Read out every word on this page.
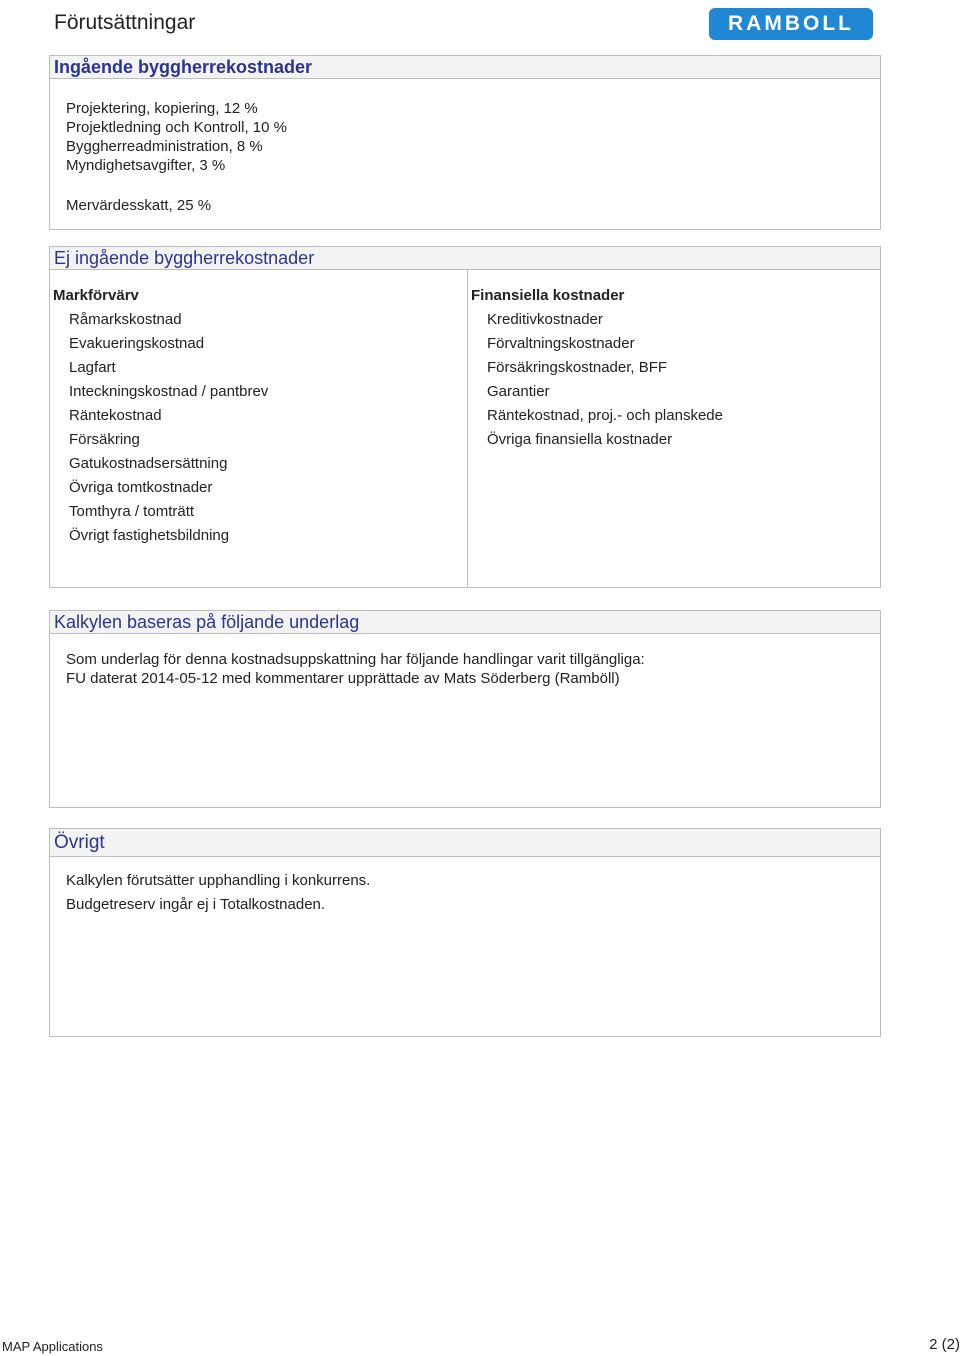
Förutsättningar	RAMBOLL
Ingående byggherrekostnader
Projektering, kopiering, 12 %
Projektledning och Kontroll, 10 %
Byggherreadministration, 8 %
Myndighetsavgifter, 3 %
Mervärdesskatt, 25 %
Ej ingående byggherrekostnader
Markförvärv
Råmarkskostnad
Evakueringskostnad
Lagfart
Inteckningskostnad / pantbrev
Räntekostnad
Försäkring
Gatukostnadsersättning
Övriga tomtkostnader
Tomthyra / tomträtt
Övrigt fastighetsbildning
Finansiella kostnader
Kreditivkostnader
Förvaltningskostnader
Försäkringskostnader, BFF
Garantier
Räntekostnad, proj.- och planskede
Övriga finansiella kostnader
Kalkylen baseras på följande underlag
Som underlag för denna kostnadsuppskattning har följande handlingar varit tillgängliga:
FU daterat 2014-05-12 med kommentarer upprättade av Mats Söderberg (Ramböll)
Övrigt
Kalkylen förutsätter upphandling i konkurrens.
Budgetreserv ingår ej i Totalkostnaden.
MAP Applications	2 (2)
